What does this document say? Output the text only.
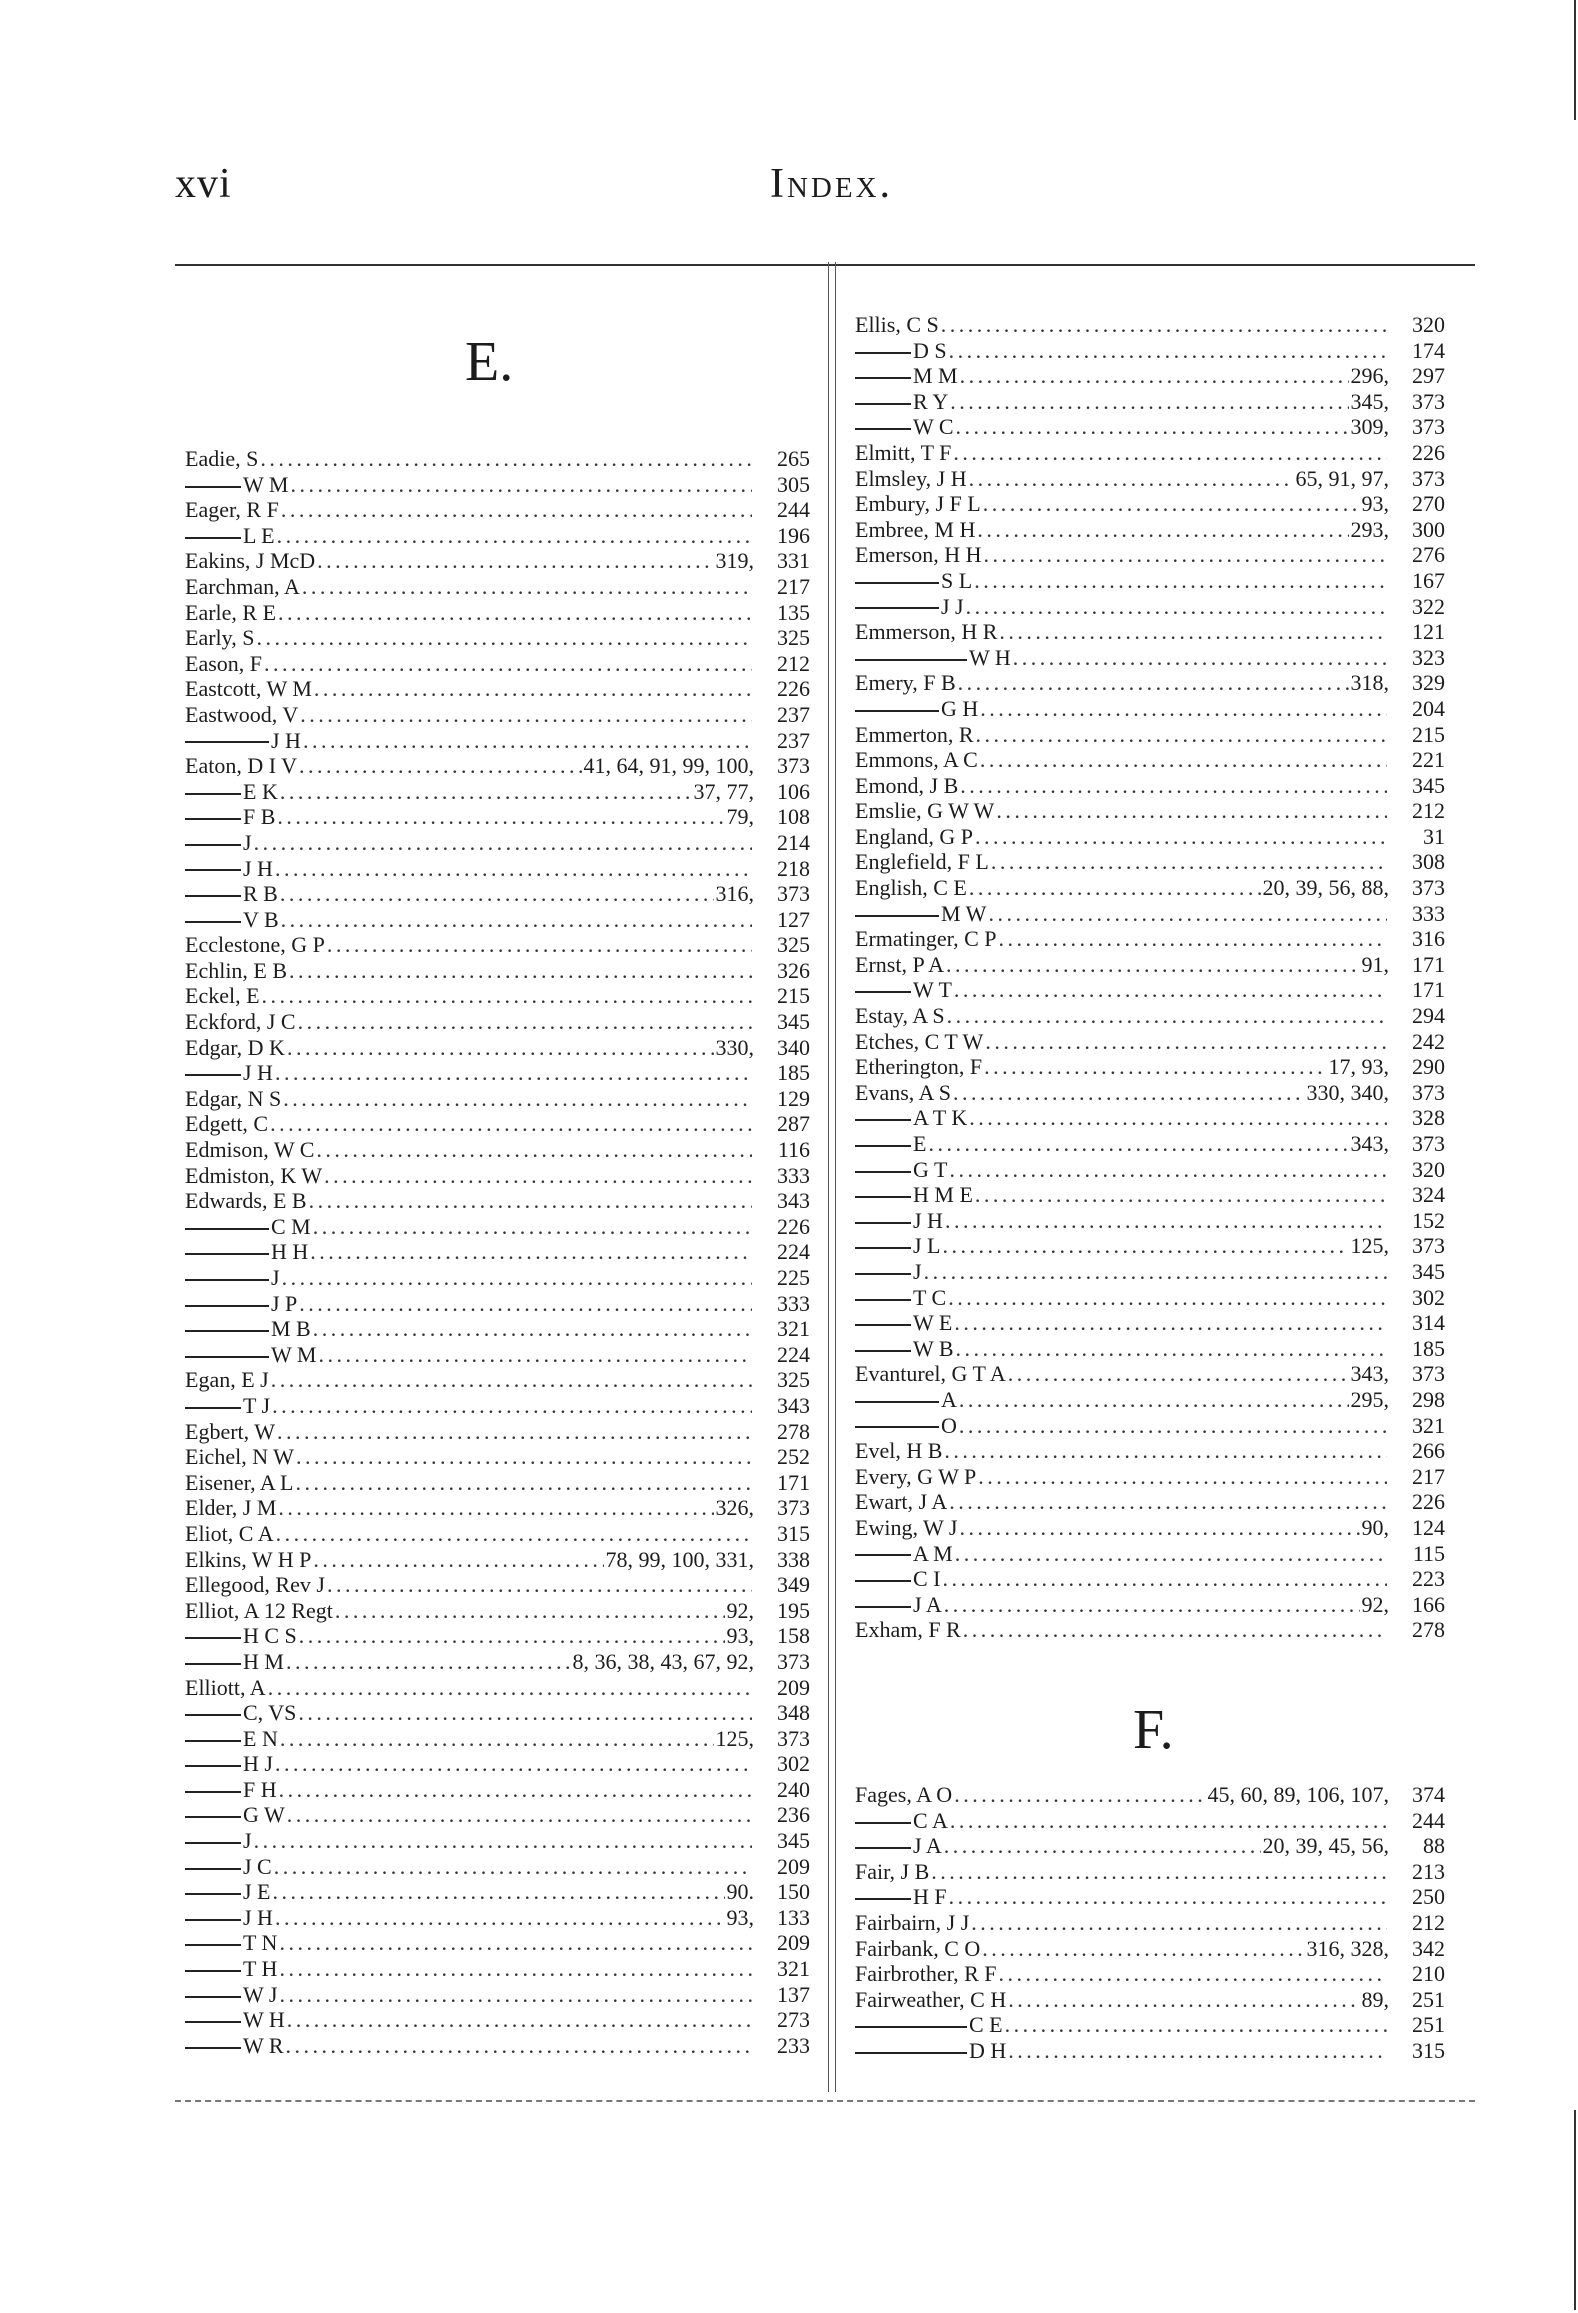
xvi	Index.
E.
Eadie, S . . .	265
W M . . .	305
Eager, R F . . .	244
L E . . .	196
Eakins, J McD . . .	319,	331
Earchman, A . . .	217
Earle, R E . . .	135
Early, S . . .	325
Eason, F . . .	212
Eastcott, W M . . .	226
Eastwood, V . . .	237
J H . . .	237
Eaton, D I V . . .	41, 64, 91, 99, 100,	373
E K . . .	37, 77,	106
F B . . .	79,	108
J . . .	214
J H . . .	218
R B . . .	316,	373
V B . . .	127
Ecclestone, G P . . .	325
Echlin, E B . . .	326
Eckel, E . . .	215
Eckford, J C . . .	345
Edgar, D K . . .	330,	340
J H . . .	185
Edgar, N S . . .	129
Edgett, C . . .	287
Edmison, W C . . .	116
Edmiston, K W . . .	333
Edwards, E B . . .	343
C M . . .	226
H H . . .	224
J . . .	225
J P . . .	333
M B . . .	321
W M . . .	224
Egan, E J . . .	325
T J . . .	343
Egbert, W . . .	278
Eichel, N W . . .	252
Eisener, A L . . .	171
Elder, J M . . .	326,	373
Eliot, C A . . .	315
Elkins, W H P . . .	78, 99, 100, 331,	338
Ellegood, Rev J . . .	349
Elliot, A 12 Regt . . .	92,	195
H C S . . .	93,	158
H M . . .	8, 36, 38, 43, 67, 92,	373
Elliott, A . . .	209
C, VS . . .	348
E N . . .	125,	373
H J . . .	302
F H . . .	240
G W . . .	236
J . . .	345
J C . . .	209
J E . . .	90.	150
J H . . .	93,	133
T N . . .	209
T H . . .	321
W J . . .	137
W H . . .	273
W R . . .	233
Ellis, C S . . .	320
D S . . .	174
M M . . .	296,	297
R Y . . .	345,	373
W C . . .	309,	373
Elmitt, T F . . .	226
Elmsley, J H . . .	65, 91, 97,	373
Embury, J F L . . .	93,	270
Embree, M H . . .	293,	300
Emerson, H H . . .	276
S L . . .	167
J J . . .	322
Emmerson, H R . . .	121
W H . . .	323
Emery, F B . . .	318,	329
G H . . .	204
Emmerton, R . . .	215
Emmons, A C . . .	221
Emond, J B . . .	345
Emslie, G W W . . .	212
England, G P . . .	31
Englefield, F L . . .	308
English, C E . . .	20, 39, 56, 88,	373
M W . . .	333
Ermatinger, C P . . .	316
Ernst, P A . . .	91,	171
W T . . .	171
Estay, A S . . .	294
Etches, C T W . . .	242
Etherington, F . . .	17, 93,	290
Evans, A S . . .	330, 340,	373
A T K . . .	328
E . . .	343,	373
G T . . .	320
H M E . . .	324
J H . . .	152
J L . . .	125,	373
J . . .	345
T C . . .	302
W E . . .	314
W B . . .	185
Evanturel, G T A . . .	343,	373
A . . .	295,	298
O . . .	321
Evel, H B . . .	266
Every, G W P . . .	217
Ewart, J A . . .	226
Ewing, W J . . .	90,	124
A M . . .	115
C I . . .	223
J A . . .	92,	166
Exham, F R . . .	278
F.
Fages, A O . . .	45, 60, 89, 106, 107,	374
C A . . .	244
J A . . .	20, 39, 45, 56,	88
Fair, J B . . .	213
H F . . .	250
Fairbairn, J J . . .	212
Fairbank, C O . . .	316, 328,	342
Fairbrother, R F . . .	210
Fairweather, C H . . .	89,	251
C E . . .	251
D H . . .	315
